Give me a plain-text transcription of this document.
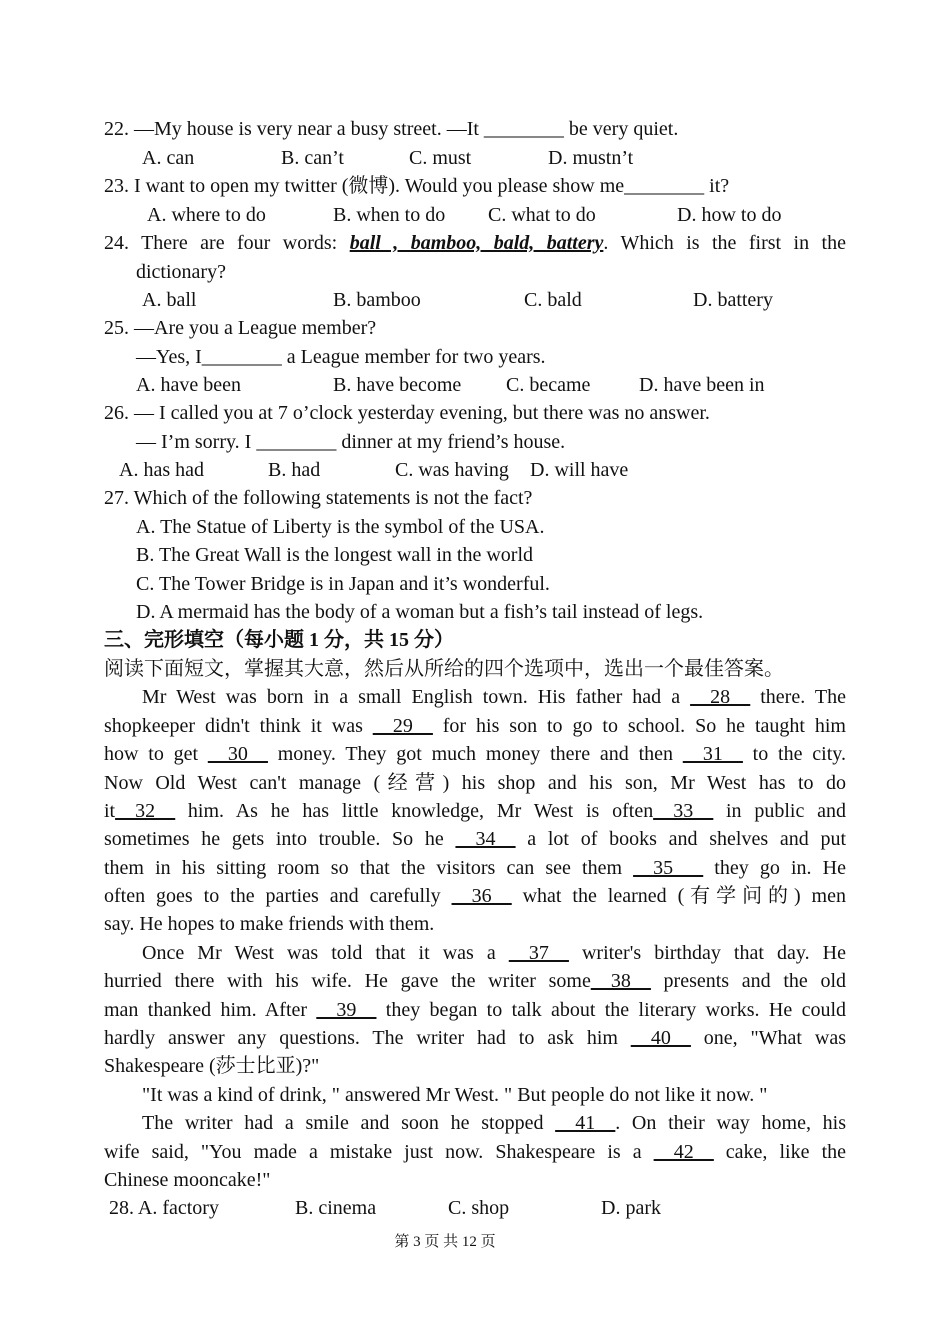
22. —My house is very near a busy street. —It ________ be very quiet.
A. can	B. can’t	C. must	D. mustn’t
23. I want to open my twitter (微博). Would you please show me________ it?
A. where to do	B. when to do C. what to do	D. how to do
24. There are four words: ball , bamboo, bald, battery. Which is the first in the
dictionary?
A. ball	B. bamboo	C. bald	D. battery
25. —Are you a League member?
—Yes, I________ a League member for two years.
A. have been	B. have become C. became D. have been in
26. — I called you at 7 o’clock yesterday evening, but there was no answer.
— I’m sorry. I ________ dinner at my friend’s house.
A. has had	B. had	C. was having D. will have
27. Which of the following statements is not the fact?
A. The Statue of Liberty is the symbol of the USA.
B. The Great Wall is the longest wall in the world
C. The Tower Bridge is in Japan and it’s wonderful.
D. A mermaid has the body of a woman but a fish’s tail instead of legs.
三、完形填空（每小题 1 分，共 15 分）
阅读下面短文，掌握其大意，然后从所给的四个选项中，选出一个最佳答案。
Mr West was born in a small English town. His father had a __28__ there. The
shopkeeper didn't think it was __29__ for his son to go to school. So he taught him
how to get __30__ money. They got much money there and then __31__ to the city.
Now Old West can't manage (经营) his shop and his son, Mr West has to do
it__32__ him. As he has little knowledge, Mr West is often__33__ in public and
sometimes he gets into trouble. So he __34__ a lot of books and shelves and put
them in his sitting room so that the visitors can see them __35___ they go in. He
often goes to the parties and carefully __36__ what the learned (有学问的) men
say. He hopes to make friends with them.
Once Mr West was told that it was a __37__ writer's birthday that day. He
hurried there with his wife. He gave the writer some__38__ presents and the old
man thanked him. After __39__ they began to talk about the literary works. He could
hardly answer any questions. The writer had to ask him __40__ one, "What was
Shakespeare (莎士比亚)?"
"It was a kind of drink, " answered Mr West. " But people do not like it now. "
The writer had a smile and soon he stopped __41__. On their way home, his
wife said, "You made a mistake just now. Shakespeare is a __42__ cake, like the
Chinese mooncake!"
28. A. factory	B. cinema	C. shop	D. park
第 3 页 共 12 页
